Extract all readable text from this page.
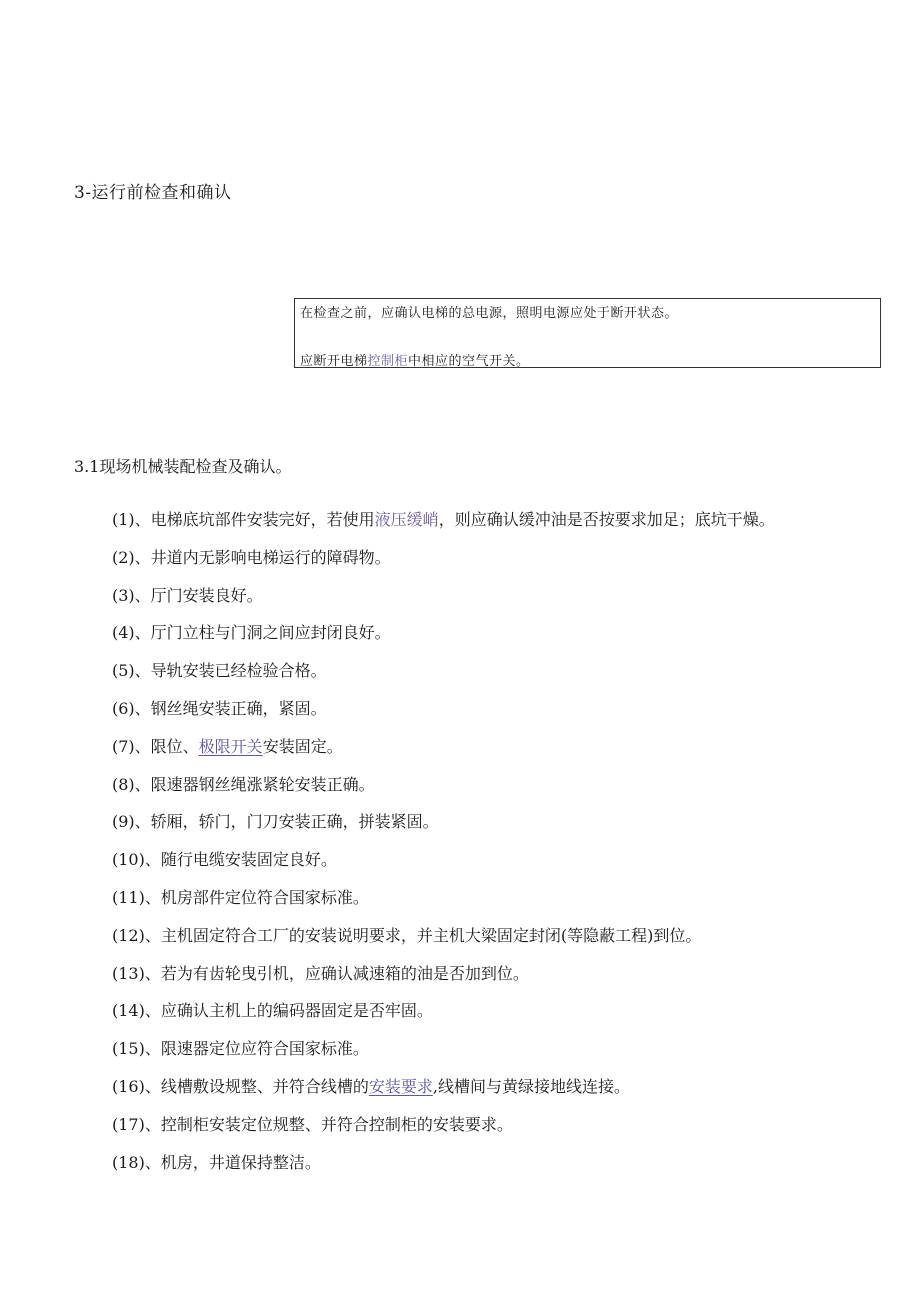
3-运行前检查和确认
在检查之前，应确认电梯的总电源，照明电源应处于断开状态。
应断开电梯控制柜中相应的空气开关。
3.1现场机械装配检查及确认。
(1)、电梯底坑部件安装完好，若使用液压缓峭，则应确认缓冲油是否按要求加足；底坑干燥。
(2)、井道内无影响电梯运行的障碍物。
(3)、厅门安装良好。
(4)、厅门立柱与门洞之间应封闭良好。
(5)、导轨安装已经检验合格。
(6)、钢丝绳安装正确，紧固。
(7)、限位、极限开关安装固定。
(8)、限速器钢丝绳涨紧轮安装正确。
(9)、轿厢，轿门，门刀安装正确，拼装紧固。
(10)、随行电缆安装固定良好。
(11)、机房部件定位符合国家标准。
(12)、主机固定符合工厂的安装说明要求，并主机大梁固定封闭(等隐蔽工程)到位。
(13)、若为有齿轮曳引机，应确认减速箱的油是否加到位。
(14)、应确认主机上的编码器固定是否牢固。
(15)、限速器定位应符合国家标准。
(16)、线槽敷设规整、并符合线槽的安装要求,线槽间与黄绿接地线连接。
(17)、控制柜安装定位规整、并符合控制柜的安装要求。
(18)、机房，井道保持整洁。
